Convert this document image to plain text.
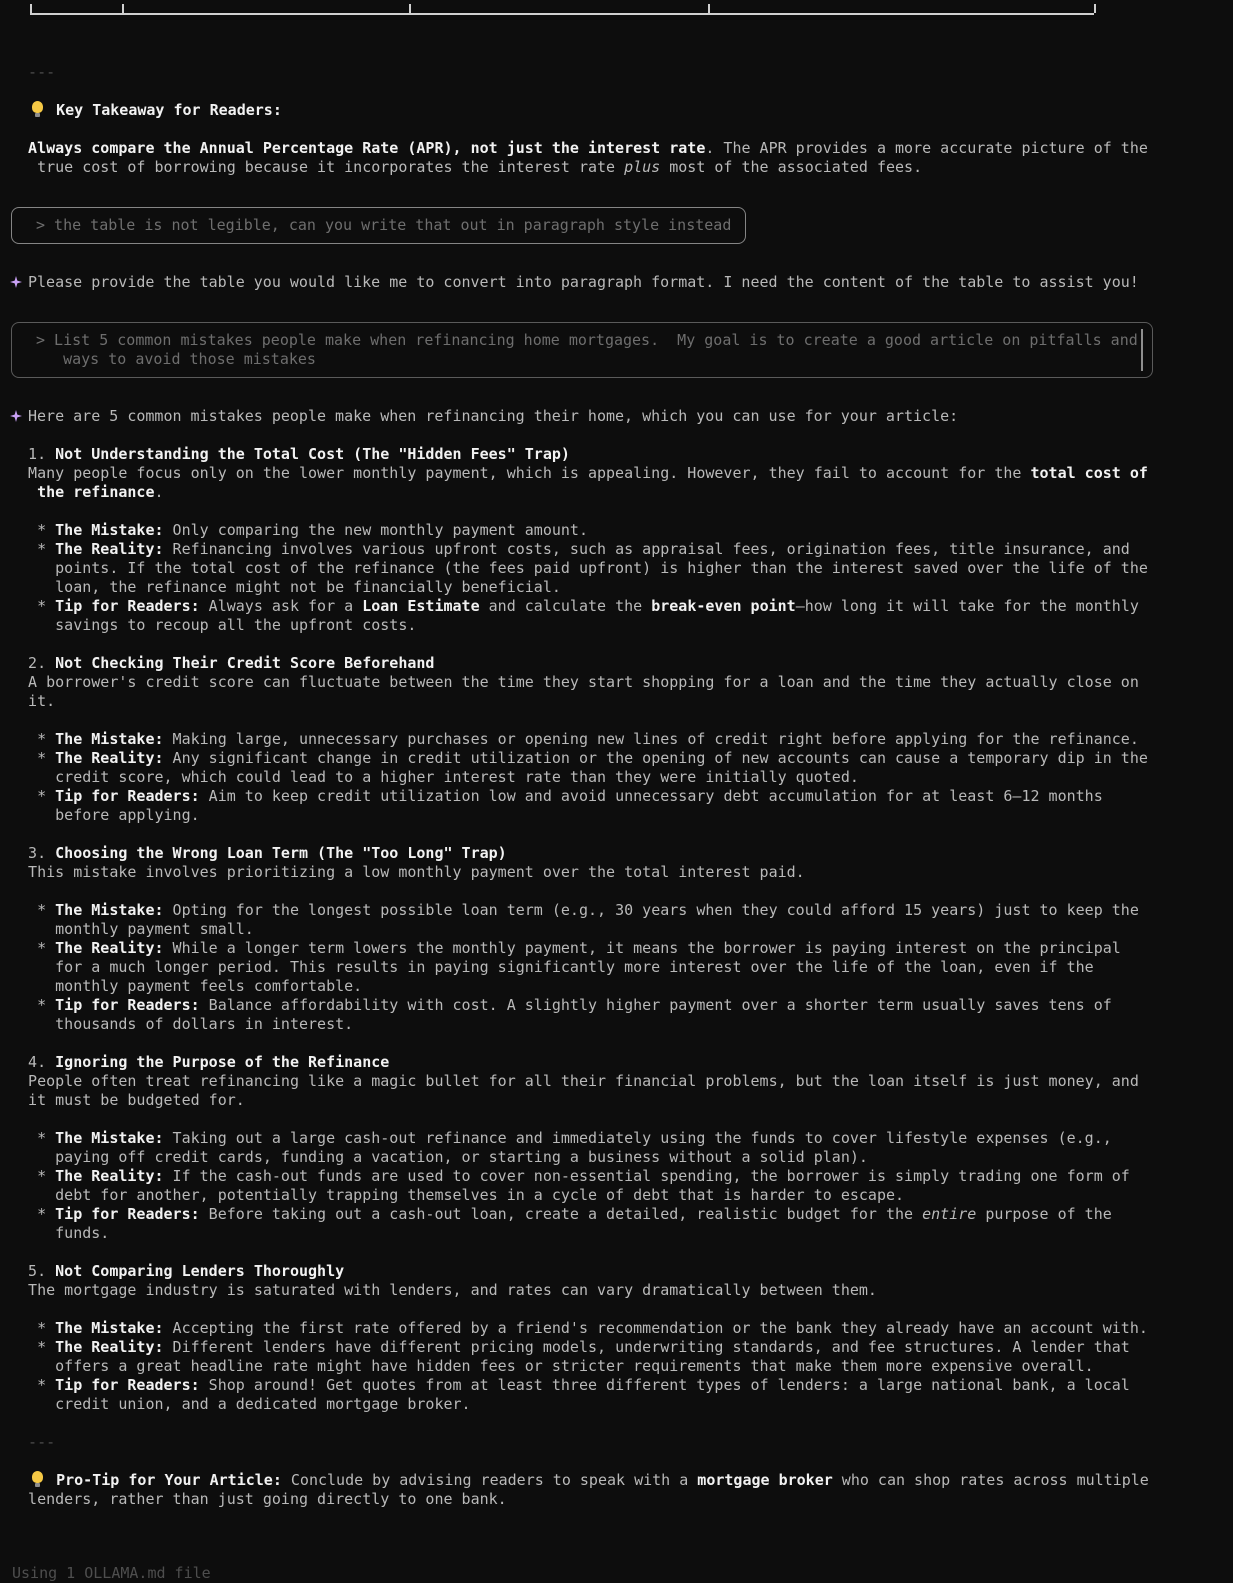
---
Key Takeaway for Readers:
Always compare the Annual Percentage Rate (APR), not just the interest rate. The APR provides a more accurate picture of the
true cost of borrowing because it incorporates the interest rate plus most of the associated fees.
> the table is not legible, can you write that out in paragraph style instead
Please provide the table you would like me to convert into paragraph format. I need the content of the table to assist you!
> List 5 common mistakes people make when refinancing home mortgages.  My goal is to create a good article on pitfalls and
ways to avoid those mistakes
Here are 5 common mistakes people make when refinancing their home, which you can use for your article:
1. Not Understanding the Total Cost (The "Hidden Fees" Trap)
Many people focus only on the lower monthly payment, which is appealing. However, they fail to account for the total cost of
the refinance.
* The Mistake: Only comparing the new monthly payment amount.
* The Reality: Refinancing involves various upfront costs, such as appraisal fees, origination fees, title insurance, and
points. If the total cost of the refinance (the fees paid upfront) is higher than the interest saved over the life of the
loan, the refinance might not be financially beneficial.
* Tip for Readers: Always ask for a Loan Estimate and calculate the break-even point—how long it will take for the monthly
savings to recoup all the upfront costs.
2. Not Checking Their Credit Score Beforehand
A borrower's credit score can fluctuate between the time they start shopping for a loan and the time they actually close on
it.
* The Mistake: Making large, unnecessary purchases or opening new lines of credit right before applying for the refinance.
* The Reality: Any significant change in credit utilization or the opening of new accounts can cause a temporary dip in the
credit score, which could lead to a higher interest rate than they were initially quoted.
* Tip for Readers: Aim to keep credit utilization low and avoid unnecessary debt accumulation for at least 6–12 months
before applying.
3. Choosing the Wrong Loan Term (The "Too Long" Trap)
This mistake involves prioritizing a low monthly payment over the total interest paid.
* The Mistake: Opting for the longest possible loan term (e.g., 30 years when they could afford 15 years) just to keep the
monthly payment small.
* The Reality: While a longer term lowers the monthly payment, it means the borrower is paying interest on the principal
for a much longer period. This results in paying significantly more interest over the life of the loan, even if the
monthly payment feels comfortable.
* Tip for Readers: Balance affordability with cost. A slightly higher payment over a shorter term usually saves tens of
thousands of dollars in interest.
4. Ignoring the Purpose of the Refinance
People often treat refinancing like a magic bullet for all their financial problems, but the loan itself is just money, and
it must be budgeted for.
* The Mistake: Taking out a large cash-out refinance and immediately using the funds to cover lifestyle expenses (e.g.,
paying off credit cards, funding a vacation, or starting a business without a solid plan).
* The Reality: If the cash-out funds are used to cover non-essential spending, the borrower is simply trading one form of
debt for another, potentially trapping themselves in a cycle of debt that is harder to escape.
* Tip for Readers: Before taking out a cash-out loan, create a detailed, realistic budget for the entire purpose of the
funds.
5. Not Comparing Lenders Thoroughly
The mortgage industry is saturated with lenders, and rates can vary dramatically between them.
* The Mistake: Accepting the first rate offered by a friend's recommendation or the bank they already have an account with.
* The Reality: Different lenders have different pricing models, underwriting standards, and fee structures. A lender that
offers a great headline rate might have hidden fees or stricter requirements that make them more expensive overall.
* Tip for Readers: Shop around! Get quotes from at least three different types of lenders: a large national bank, a local
credit union, and a dedicated mortgage broker.
---
Pro-Tip for Your Article: Conclude by advising readers to speak with a mortgage broker who can shop rates across multiple
lenders, rather than just going directly to one bank.
Using 1 OLLAMA.md file
